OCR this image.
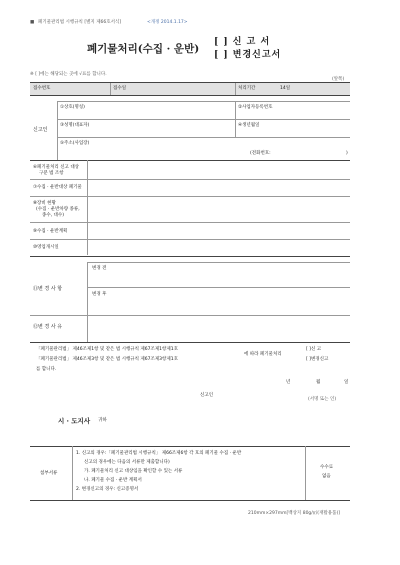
■ 폐기물관리법 시행규칙 [별지 제66호서식]	<개정 2014.1.17>
폐기물처리(수집 · 운반)
[ ] 신 고 서
[ ] 변경신고서
※ [ ]에는 해당되는 곳에 √표를 합니다.
(앞쪽)
접수번호	접수일	처리기간	14일
신고인
①상호(명칭)	②사업자등록번호
③성명(대표자)	④생년월일
⑤주소(사업장)
(전화번호:	)
⑥폐기물처리 신고 대상
구분 법 조항
⑦수집 · 운반대상 폐기물
⑧장비 현황
(수집 · 운반차량 종류,
종수, 대수)
⑨수집 · 운반계획
⑩영업개시일
⑪변 경 사 항
변경 전
변경 후
⑫변 경 사 유
「폐기물관리법」 제46조제1항 및 같은 법 시행규칙 제67조제1항제1호
「폐기물관리법」 제46조제3항 및 같은 법 시행규칙 제67조제3항제1호
를 합니다.
에 따라 폐기물처리
[ ]신 고
[ ]변경신고
년	월	일
신고인
(서명 또는 인)
시 · 도지사 귀하
첨부서류
1. 신고의 경우:「폐기물관리법 시행규칙」 제66조제6항 각 호의 폐기물 수집 · 운반
신고의 경우에는 다음의 서류만 제출합니다)
가. 폐기물처리 신고 대상임을 확인할 수 있는 서류
나. 폐기물 수집 · 운반 계획서
2. 변경신고의 경우: 신고증명서
수수료
없음
210mm×297mm[백상지 80g/㎡(재활용품)]
